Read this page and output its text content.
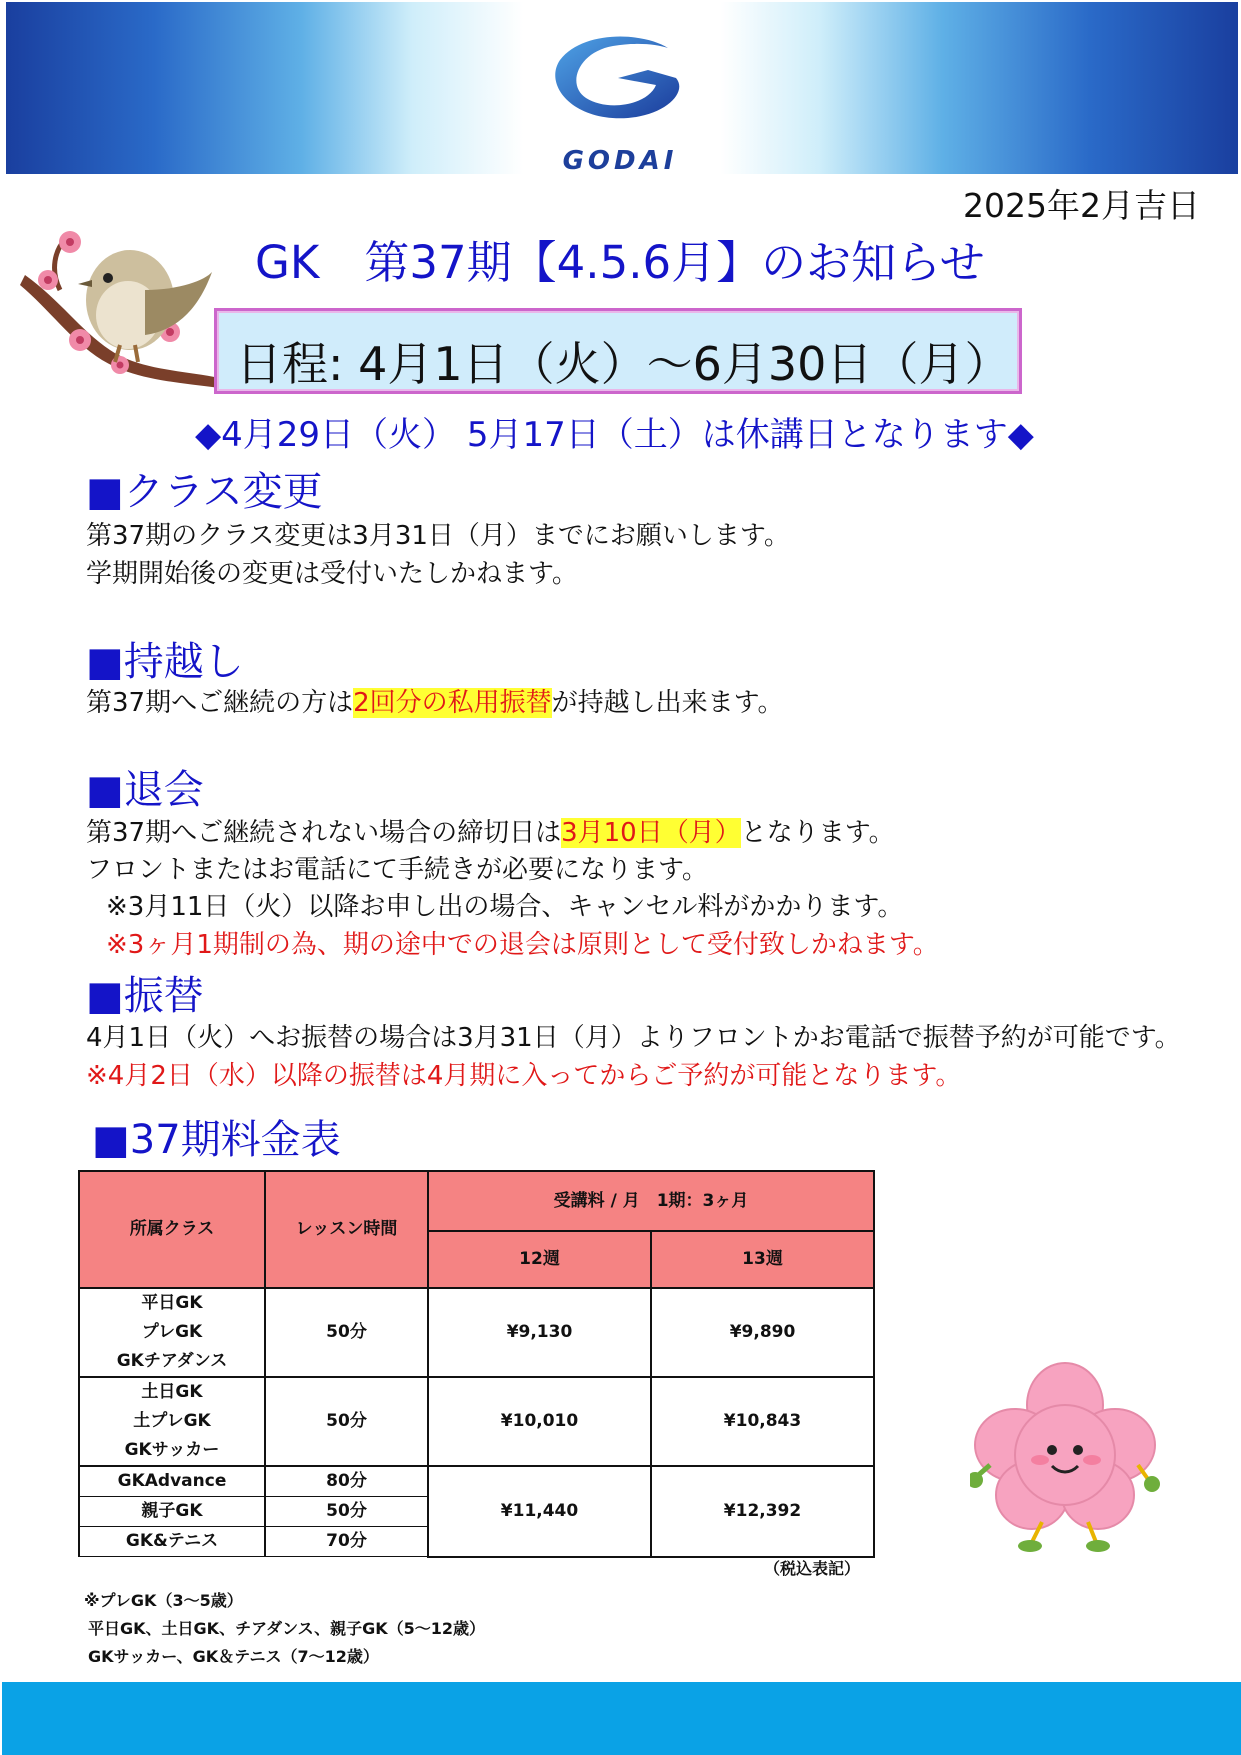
GODAI
2025年2月吉日
GK　第37期【4.5.6月】のお知らせ
日程: 4月1日（火）～6月30日（月）
◆4月29日（火） 5月17日（土）は休講日となります◆
■クラス変更
第37期のクラス変更は3月31日（月）までにお願いします。
学期開始後の変更は受付いたしかねます。
■持越し
第37期へご継続の方は2回分の私用振替が持越し出来ます。
■退会
第37期へご継続されない場合の締切日は3月10日（月）となります。
フロントまたはお電話にて手続きが必要になります。
※3月11日（火）以降お申し出の場合、キャンセル料がかかります。
※3ヶ月1期制の為、期の途中での退会は原則として受付致しかねます。
■振替
4月1日（火）へお振替の場合は3月31日（月）よりフロントかお電話で振替予約が可能です。
※4月2日（水）以降の振替は4月期に入ってからご予約が可能となります。
■37期料金表
所属クラス	レッスン時間	受講料 / 月　1期：3ヶ月	
		12週	13週

平日GK
プレGK
GKチアダンス	50分	¥9,130	¥9,890

土日GK
土プレGK
GKサッカー	50分	¥10,010	¥10,843
GKAdvance	80分	¥11,440	¥12,392
親子GK	50分		
GK&テニス	70分		
（税込表記）
※プレGK（3～5歳）
平日GK、土日GK、チアダンス、親子GK（5～12歳）
GKサッカー、GK＆テニス（7～12歳）
